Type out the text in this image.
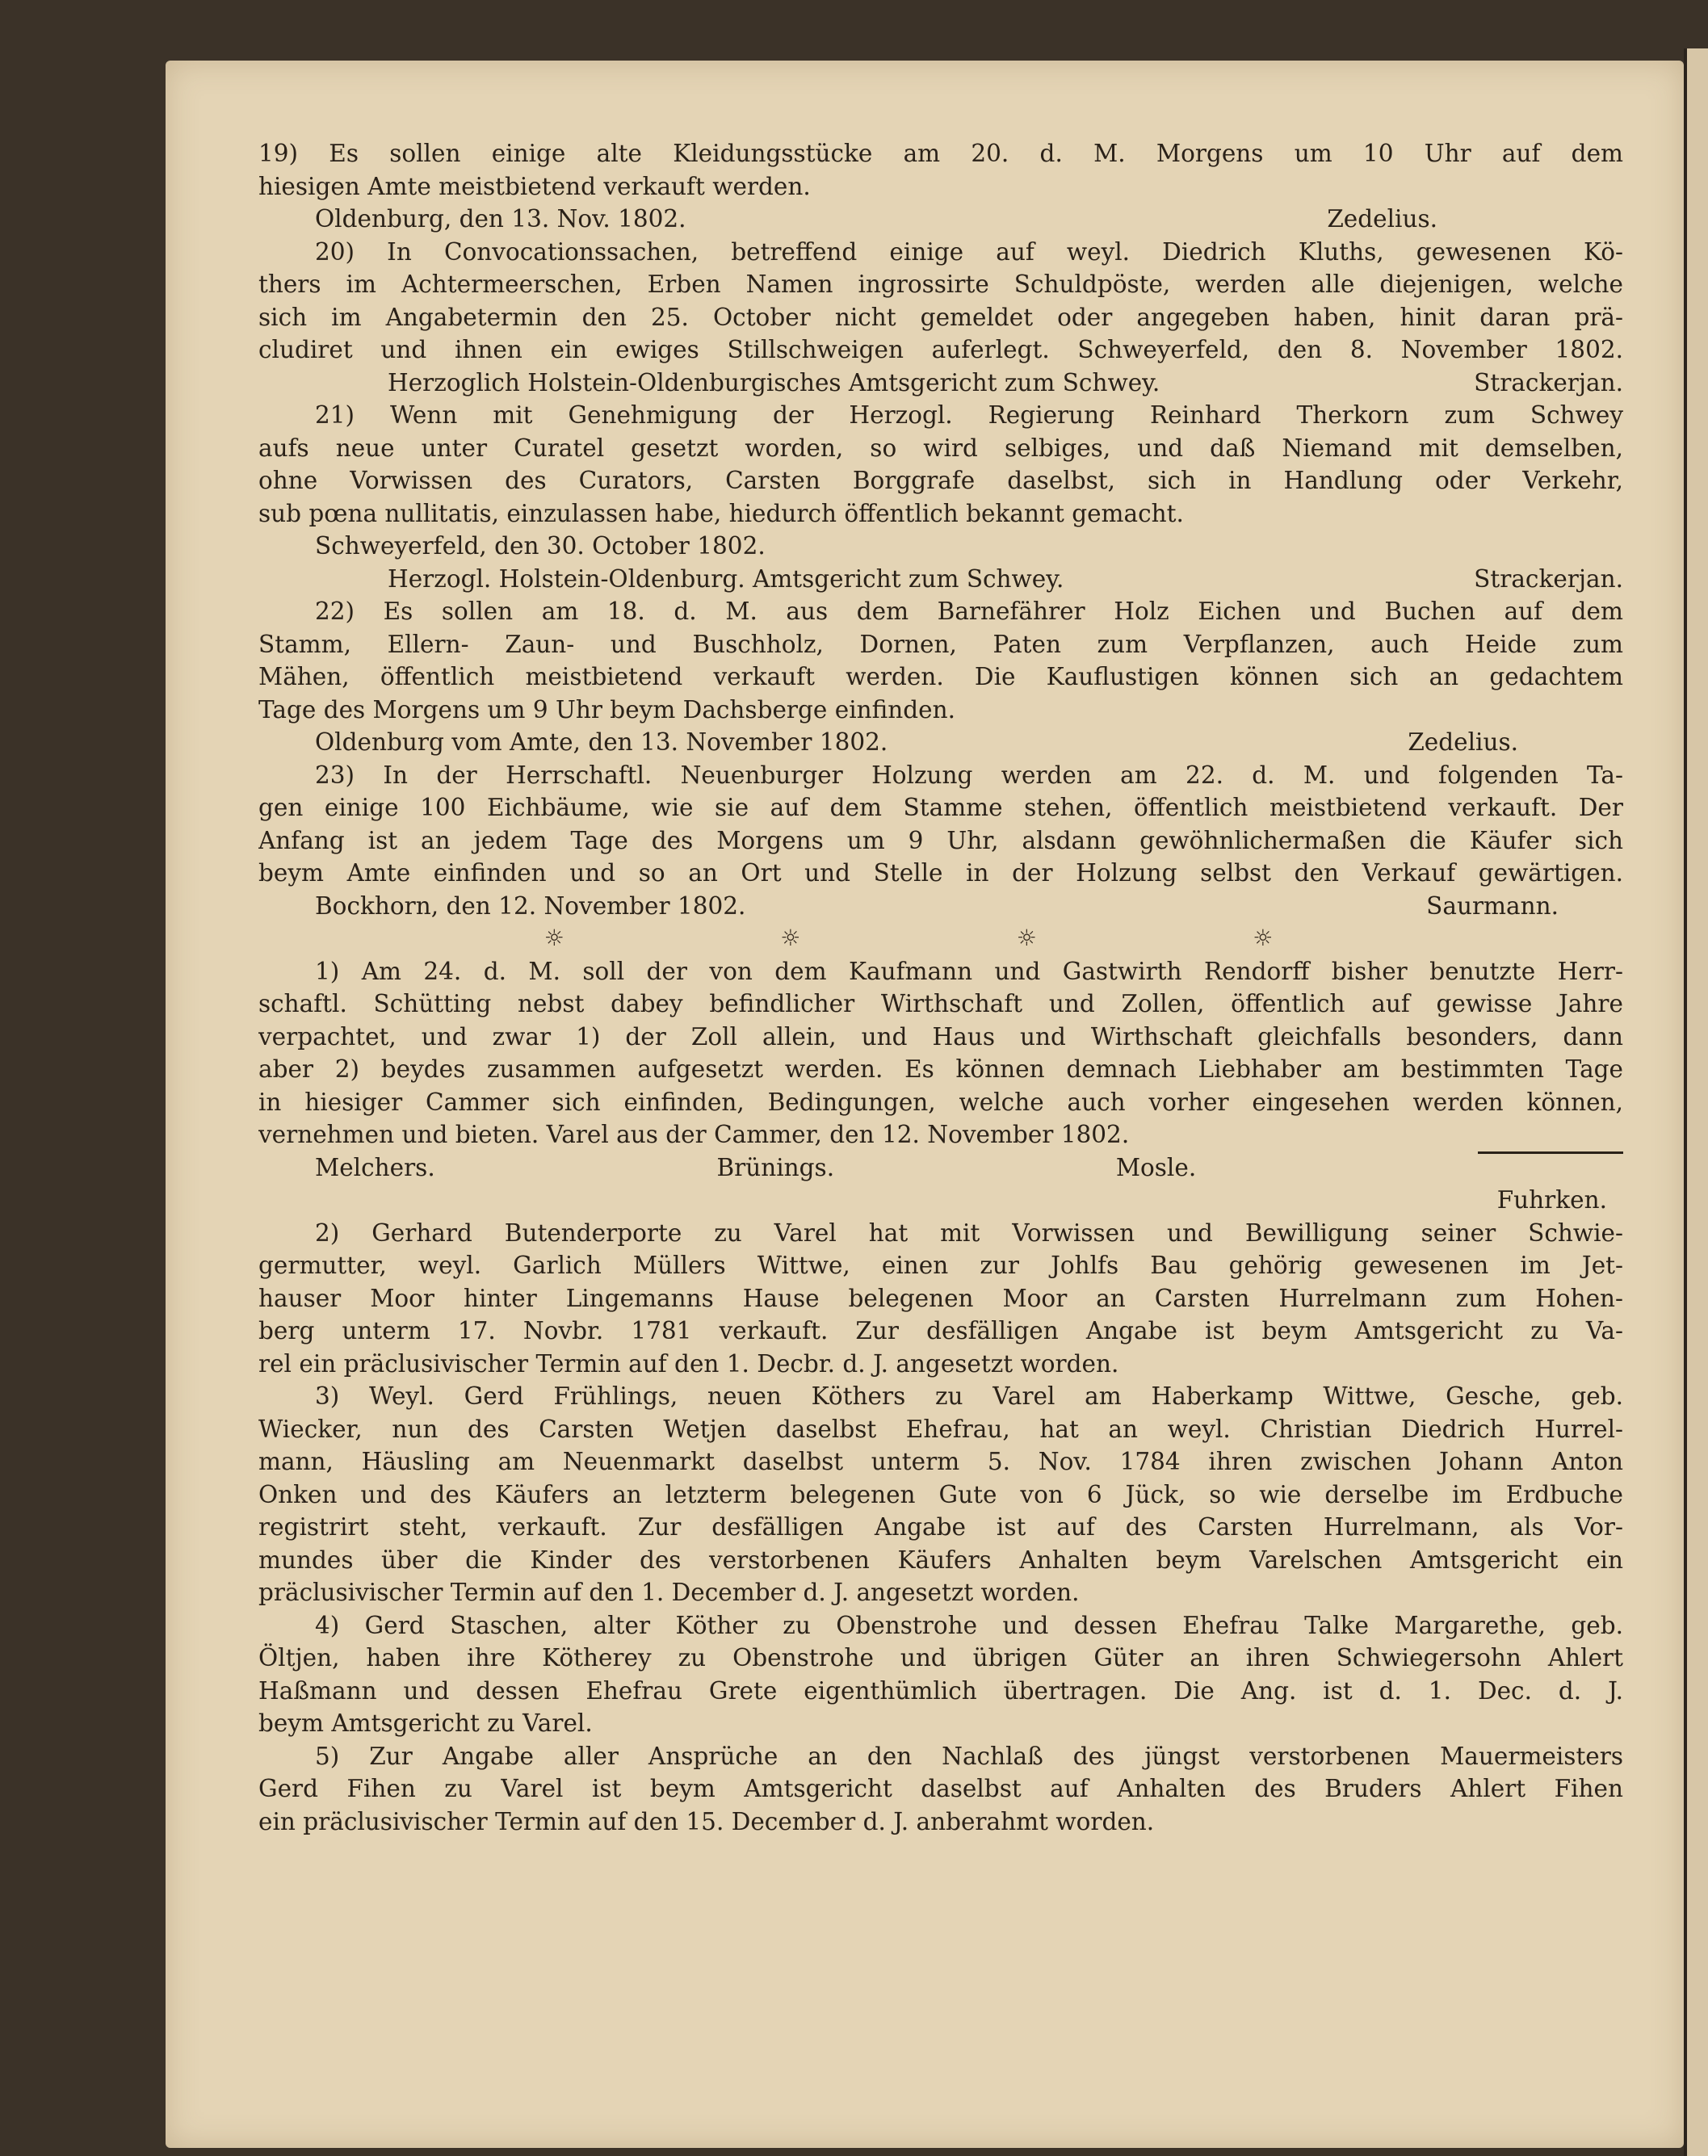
19) Es sollen einige alte Kleidungsstücke am 20. d. M. Morgens um 10 Uhr auf dem
hiesigen Amte meistbietend verkauft werden.
Oldenburg, den 13. Nov. 1802.	Zedelius.
20) In Convocationssachen, betreffend einige auf weyl. Diedrich Kluths, gewesenen Kö-
thers im Achtermeerschen, Erben Namen ingrossirte Schuldpöste, werden alle diejenigen, welche
sich im Angabetermin den 25. October nicht gemeldet oder angegeben haben, hinit daran prä-
cludiret und ihnen ein ewiges Stillschweigen auferlegt. Schweyerfeld, den 8. November 1802.
Herzoglich Holstein-Oldenburgisches Amtsgericht zum Schwey.	Strackerjan.
21) Wenn mit Genehmigung der Herzogl. Regierung Reinhard Therkorn zum Schwey
aufs neue unter Curatel gesetzt worden, so wird selbiges, und daß Niemand mit demselben,
ohne Vorwissen des Curators, Carsten Borggrafe daselbst, sich in Handlung oder Verkehr,
sub pœna nullitatis, einzulassen habe, hiedurch öffentlich bekannt gemacht.
Schweyerfeld, den 30. October 1802.
Herzogl. Holstein-Oldenburg. Amtsgericht zum Schwey.	Strackerjan.
22) Es sollen am 18. d. M. aus dem Barnefährer Holz Eichen und Buchen auf dem
Stamm, Ellern- Zaun- und Buschholz, Dornen, Paten zum Verpflanzen, auch Heide zum
Mähen, öffentlich meistbietend verkauft werden. Die Kauflustigen können sich an gedachtem
Tage des Morgens um 9 Uhr beym Dachsberge einfinden.
Oldenburg vom Amte, den 13. November 1802.	Zedelius.
23) In der Herrschaftl. Neuenburger Holzung werden am 22. d. M. und folgenden Ta-
gen einige 100 Eichbäume, wie sie auf dem Stamme stehen, öffentlich meistbietend verkauft. Der
Anfang ist an jedem Tage des Morgens um 9 Uhr, alsdann gewöhnlichermaßen die Käufer sich
beym Amte einfinden und so an Ort und Stelle in der Holzung selbst den Verkauf gewärtigen.
Bockhorn, den 12. November 1802.	Saurmann.
☼	☼	☼	☼
1) Am 24. d. M. soll der von dem Kaufmann und Gastwirth Rendorff bisher benutzte Herr-
schaftl. Schütting nebst dabey befindlicher Wirthschaft und Zollen, öffentlich auf gewisse Jahre
verpachtet, und zwar 1) der Zoll allein, und Haus und Wirthschaft gleichfalls besonders, dann
aber 2) beydes zusammen aufgesetzt werden. Es können demnach Liebhaber am bestimmten Tage
in hiesiger Cammer sich einfinden, Bedingungen, welche auch vorher eingesehen werden können,
vernehmen und bieten. Varel aus der Cammer, den 12. November 1802.
Melchers.	Brünings.	Mosle.
Fuhrken.
2) Gerhard Butenderporte zu Varel hat mit Vorwissen und Bewilligung seiner Schwie-
germutter, weyl. Garlich Müllers Wittwe, einen zur Johlfs Bau gehörig gewesenen im Jet-
hauser Moor hinter Lingemanns Hause belegenen Moor an Carsten Hurrelmann zum Hohen-
berg unterm 17. Novbr. 1781 verkauft. Zur desfälligen Angabe ist beym Amtsgericht zu Va-
rel ein präclusivischer Termin auf den 1. Decbr. d. J. angesetzt worden.
3) Weyl. Gerd Frühlings, neuen Köthers zu Varel am Haberkamp Wittwe, Gesche, geb.
Wiecker, nun des Carsten Wetjen daselbst Ehefrau, hat an weyl. Christian Diedrich Hurrel-
mann, Häusling am Neuenmarkt daselbst unterm 5. Nov. 1784 ihren zwischen Johann Anton
Onken und des Käufers an letzterm belegenen Gute von 6 Jück, so wie derselbe im Erdbuche
registrirt steht, verkauft. Zur desfälligen Angabe ist auf des Carsten Hurrelmann, als Vor-
mundes über die Kinder des verstorbenen Käufers Anhalten beym Varelschen Amtsgericht ein
präclusivischer Termin auf den 1. December d. J. angesetzt worden.
4) Gerd Staschen, alter Köther zu Obenstrohe und dessen Ehefrau Talke Margarethe, geb.
Öltjen, haben ihre Kötherey zu Obenstrohe und übrigen Güter an ihren Schwiegersohn Ahlert
Haßmann und dessen Ehefrau Grete eigenthümlich übertragen. Die Ang. ist d. 1. Dec. d. J.
beym Amtsgericht zu Varel.
5) Zur Angabe aller Ansprüche an den Nachlaß des jüngst verstorbenen Mauermeisters
Gerd Fihen zu Varel ist beym Amtsgericht daselbst auf Anhalten des Bruders Ahlert Fihen
ein präclusivischer Termin auf den 15. December d. J. anberahmt worden.
